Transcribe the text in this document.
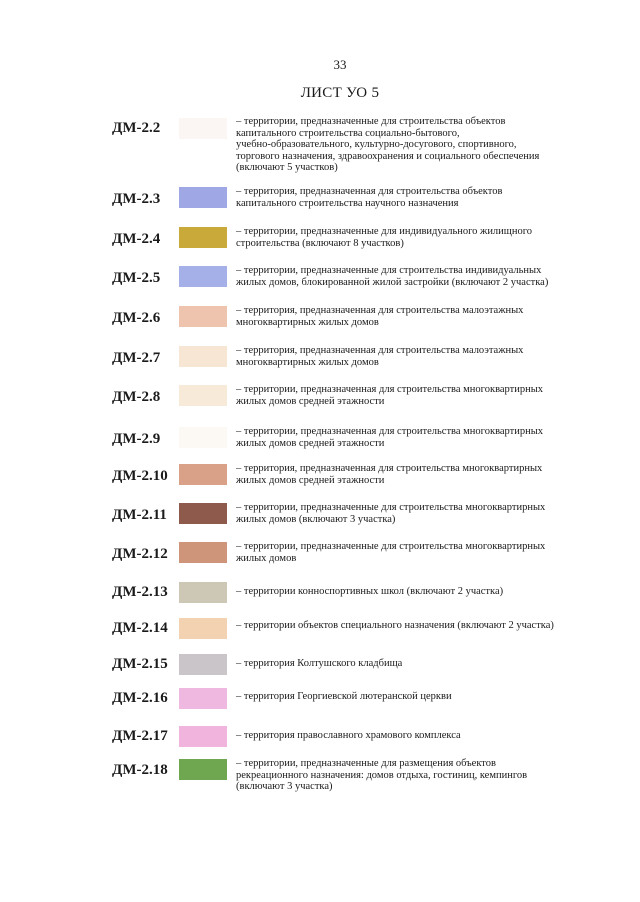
33
ЛИСТ УО 5
ДМ-2.2	– территории, предназначенные для строительства объектов
капитального строительства социально-бытового,
учебно-образовательного, культурно-досугового, спортивного,
торгового назначения, здравоохранения и социального обеспечения
(включают 5 участков)
ДМ-2.3	– территория, предназначенная для строительства объектов
капитального строительства научного назначения
ДМ-2.4	– территории, предназначенные для индивидуального жилищного
строительства (включают 8 участков)
ДМ-2.5	– территории, предназначенные для строительства индивидуальных
жилых домов, блокированной жилой застройки (включают 2 участка)
ДМ-2.6	– территория, предназначенная для строительства малоэтажных
многоквартирных жилых домов
ДМ-2.7	– территория, предназначенная для строительства малоэтажных
многоквартирных жилых домов
ДМ-2.8	– территории, предназначенная для строительства многоквартирных
жилых домов средней этажности
ДМ-2.9	– территории, предназначенная для строительства многоквартирных
жилых домов средней этажности
ДМ-2.10	– территория, предназначенная для строительства многоквартирных
жилых домов средней этажности
ДМ-2.11	– территории, предназначенные для строительства многоквартирных
жилых домов (включают 3 участка)
ДМ-2.12	– территории, предназначенные для строительства многоквартирных
жилых домов
ДМ-2.13	– территории конноспортивных школ (включают 2 участка)
ДМ-2.14	– территории объектов специального назначения (включают 2 участка)
ДМ-2.15	– территория Колтушского кладбища
ДМ-2.16	– территория Георгиевской лютеранской церкви
ДМ-2.17	– территория православного храмового комплекса
ДМ-2.18	– территории, предназначенные для размещения объектов
рекреационного назначения: домов отдыха, гостиниц, кемпингов
(включают 3 участка)
